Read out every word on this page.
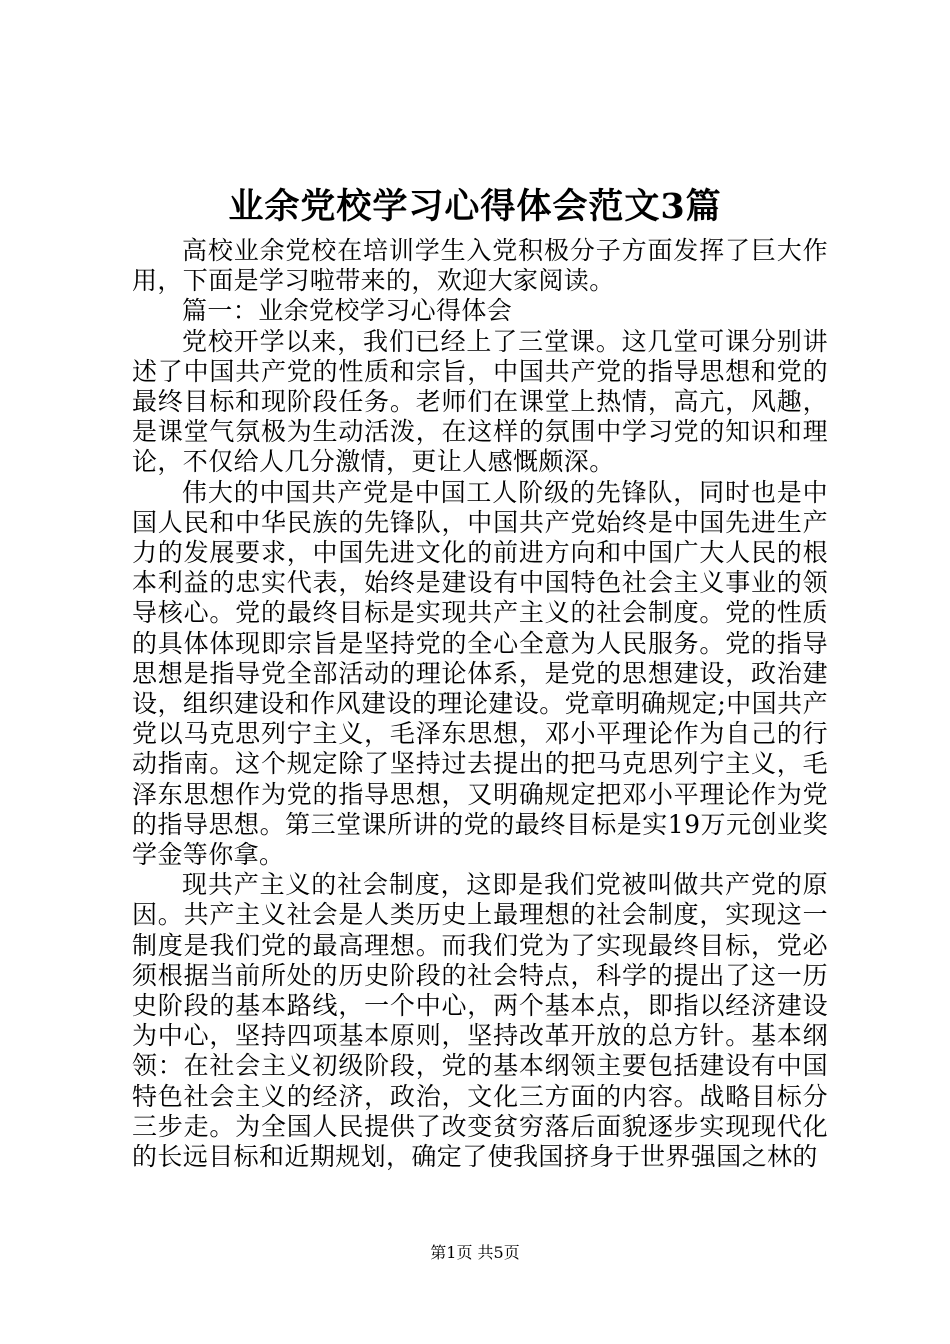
业余党校学习心得体会范文3篇

高校业余党校在培训学生入党积极分子方面发挥了巨大作用，下面是学习啦带来的，欢迎大家阅读。

篇一：业余党校学习心得体会

党校开学以来，我们已经上了三堂课。这几堂可课分别讲述了中国共产党的性质和宗旨，中国共产党的指导思想和党的最终目标和现阶段任务。老师们在课堂上热情，高亢，风趣，是课堂气氛极为生动活泼，在这样的氛围中学习党的知识和理论，不仅给人几分激情，更让人感慨颇深。

伟大的中国共产党是中国工人阶级的先锋队，同时也是中国人民和中华民族的先锋队，中国共产党始终是中国先进生产力的发展要求，中国先进文化的前进方向和中国广大人民的根本利益的忠实代表，始终是建设有中国特色社会主义事业的领导核心。党的最终目标是实现共产主义的社会制度。党的性质的具体体现即宗旨是坚持党的全心全意为人民服务。党的指导思想是指导党全部活动的理论体系，是党的思想建设，政治建设，组织建设和作风建设的理论建设。党章明确规定;中国共产党以马克思列宁主义，毛泽东思想，邓小平理论作为自己的行动指南。这个规定除了坚持过去提出的把马克思列宁主义，毛泽东思想作为党的指导思想，又明确规定把邓小平理论作为党的指导思想。第三堂课所讲的党的最终目标是实19万元创业奖学金等你拿。

现共产主义的社会制度，这即是我们党被叫做共产党的原因。共产主义社会是人类历史上最理想的社会制度，实现这一制度是我们党的最高理想。而我们党为了实现最终目标，党必须根据当前所处的历史阶段的社会特点，科学的提出了这一历史阶段的基本路线，一个中心，两个基本点，即指以经济建设为中心，坚持四项基本原则，坚持改革开放的总方针。基本纲领：在社会主义初级阶段，党的基本纲领主要包括建设有中国特色社会主义的经济，政治，文化三方面的内容。战略目标分三步走。为全国人民提供了改变贫穷落后面貌逐步实现现代化的长远目标和近期规划，确定了使我国挤身于世界强国之林的

第1页 共5页
